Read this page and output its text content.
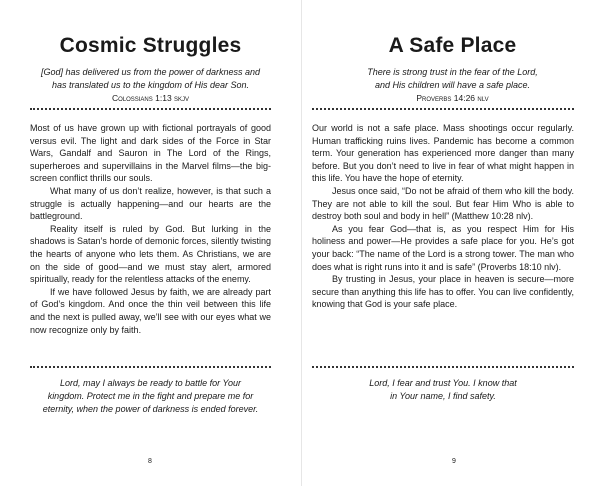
Cosmic Struggles
[God] has delivered us from the power of darkness and
has translated us to the kingdom of His dear Son.
Colossians 1:13 skjv

Most of us have grown up with fictional portrayals of good versus evil. The light and dark sides of the Force in Star Wars, Gandalf and Sauron in The Lord of the Rings, superheroes and supervillains in the Marvel films—the big-screen conflict thrills our souls.

What many of us don’t realize, however, is that such a struggle is actually happening—and our hearts are the battleground.

Reality itself is ruled by God. But lurking in the shadows is Satan’s horde of demonic forces, silently twisting the hearts of anyone who lets them. As Christians, we are on the side of good—and we must stay alert, armored spiritually, ready for the relentless attacks of the enemy.

If we have followed Jesus by faith, we are already part of God’s kingdom. And once the thin veil between this life and the next is pulled away, we’ll see with our eyes what we now recognize only by faith.

Lord, may I always be ready to battle for Your
kingdom. Protect me in the fight and prepare me for
eternity, when the power of darkness is ended forever.
8
A Safe Place
There is strong trust in the fear of the Lord,
and His children will have a safe place.
Proverbs 14:26 nlv

Our world is not a safe place. Mass shootings occur regularly. Human trafficking ruins lives. Pandemic has become a common term. Your generation has experienced more danger than many before. But you don’t need to live in fear of what might happen in this life. You have the hope of eternity.

Jesus once said, “Do not be afraid of them who kill the body. They are not able to kill the soul. But fear Him Who is able to destroy both soul and body in hell” (Matthew 10:28 nlv).

As you fear God—that is, as you respect Him for His holiness and power—He provides a safe place for you. He’s got your back: “The name of the Lord is a strong tower. The man who does what is right runs into it and is safe” (Proverbs 18:10 nlv).

By trusting in Jesus, your place in heaven is secure—more secure than anything this life has to offer. You can live confidently, knowing that God is your safe place.

Lord, I fear and trust You. I know that
in Your name, I find safety.
9
